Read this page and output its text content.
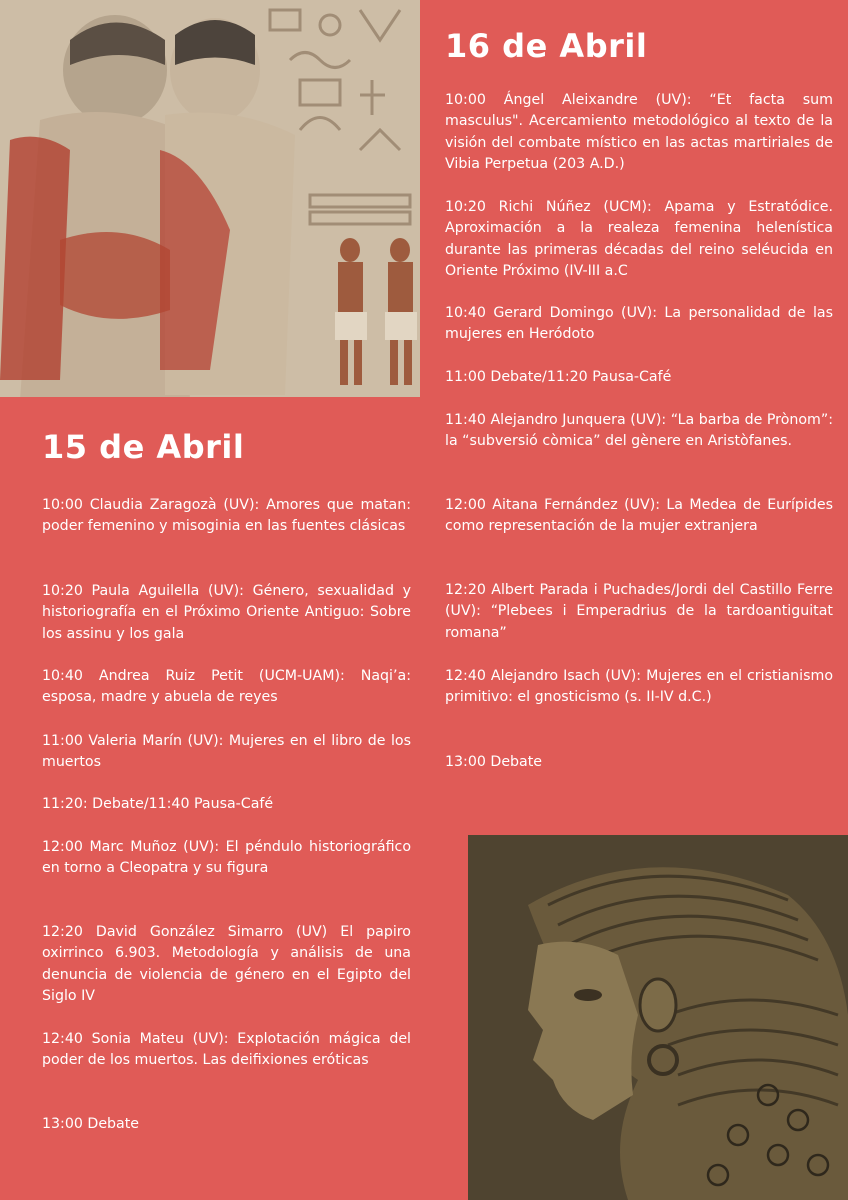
16 de Abril

10:00 Ángel Aleixandre (UV): “Et facta sum masculus". Acercamiento metodológico al texto de la visión del combate místico en las actas martiriales de Vibia Perpetua (203 A.D.)

10:20 Richi Núñez (UCM): Apama y Estratódice. Aproximación a la realeza femenina helenística durante las primeras décadas del reino seléucida en Oriente Próximo (IV-III a.C

10:40 Gerard Domingo (UV): La personalidad de las mujeres en Heródoto

11:00 Debate/11:20 Pausa-Café

11:40 Alejandro Junquera (UV): “La barba de Prònom”: la “subversió còmica” del gènere en Aristòfanes.

12:00 Aitana Fernández (UV): La Medea de Eurípides como representación de la mujer extranjera

12:20 Albert Parada i Puchades/Jordi del Castillo Ferre (UV): “Plebees i Emperadrius de la tardoantiguitat romana”

12:40 Alejandro Isach (UV): Mujeres en el cristianismo primitivo: el gnosticismo (s. II-IV d.C.)

13:00 Debate

15 de Abril

10:00 Claudia Zaragozà (UV): Amores que matan: poder femenino y misoginia en las fuentes clásicas

10:20 Paula Aguilella (UV): Género, sexualidad y historiografía en el Próximo Oriente Antiguo: Sobre los assinu y los gala

10:40 Andrea Ruiz Petit (UCM-UAM): Naqi’a: esposa, madre y abuela de reyes

11:00 Valeria Marín (UV): Mujeres en el libro de los muertos

11:20: Debate/11:40 Pausa-Café

12:00 Marc Muñoz (UV): El péndulo historiográfico en torno a Cleopatra y su figura

12:20 David González Simarro (UV) El papiro oxirrinco 6.903. Metodología y análisis de una denuncia de violencia de género en el Egipto del Siglo IV

12:40 Sonia Mateu (UV): Explotación mágica del poder de los muertos. Las deifixiones eróticas

13:00 Debate
